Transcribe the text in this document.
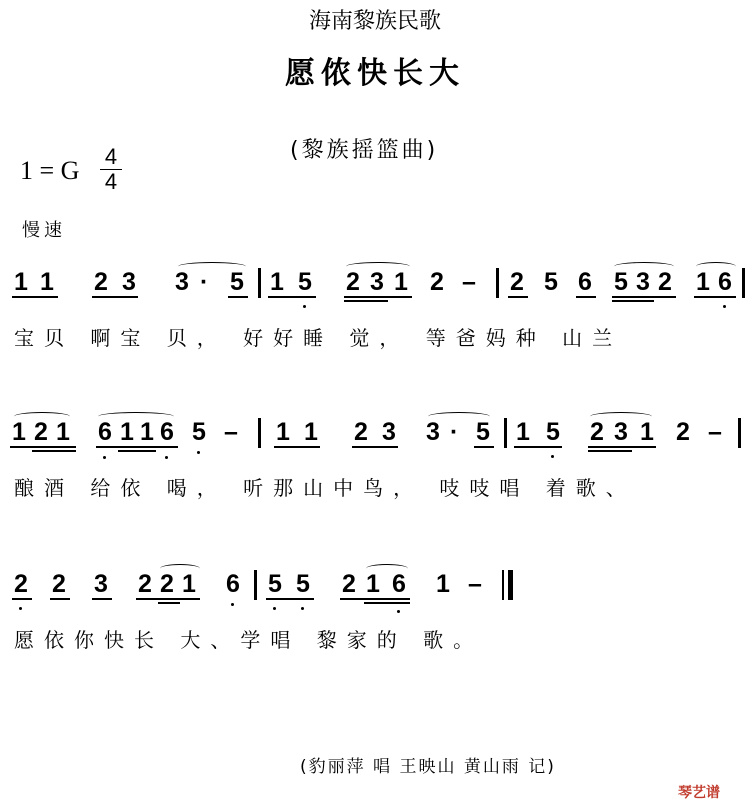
海南黎族民歌
愿侬快长大
(黎族摇篮曲)
1 = G 4
4
慢速
1 1 2 3 3 · 5 1 5 2 3 1 2 – 2 5 6 5 3 2 1 6
宝贝 啊宝 贝， 好好睡 觉， 等爸妈种 山兰
1 2 1 6 1 1 6 5 – 1 1 2 3 3 · 5 1 5 2 3 1 2 –
酿酒 给依 喝， 听那山中鸟， 吱吱唱 着歌、
2 2 3 2 2 1 6 5 5 2 1 6 1 –
愿依你快长 大、学唱 黎家的 歌。
(豹丽萍 唱 王映山 黄山雨 记)
琴艺谱
